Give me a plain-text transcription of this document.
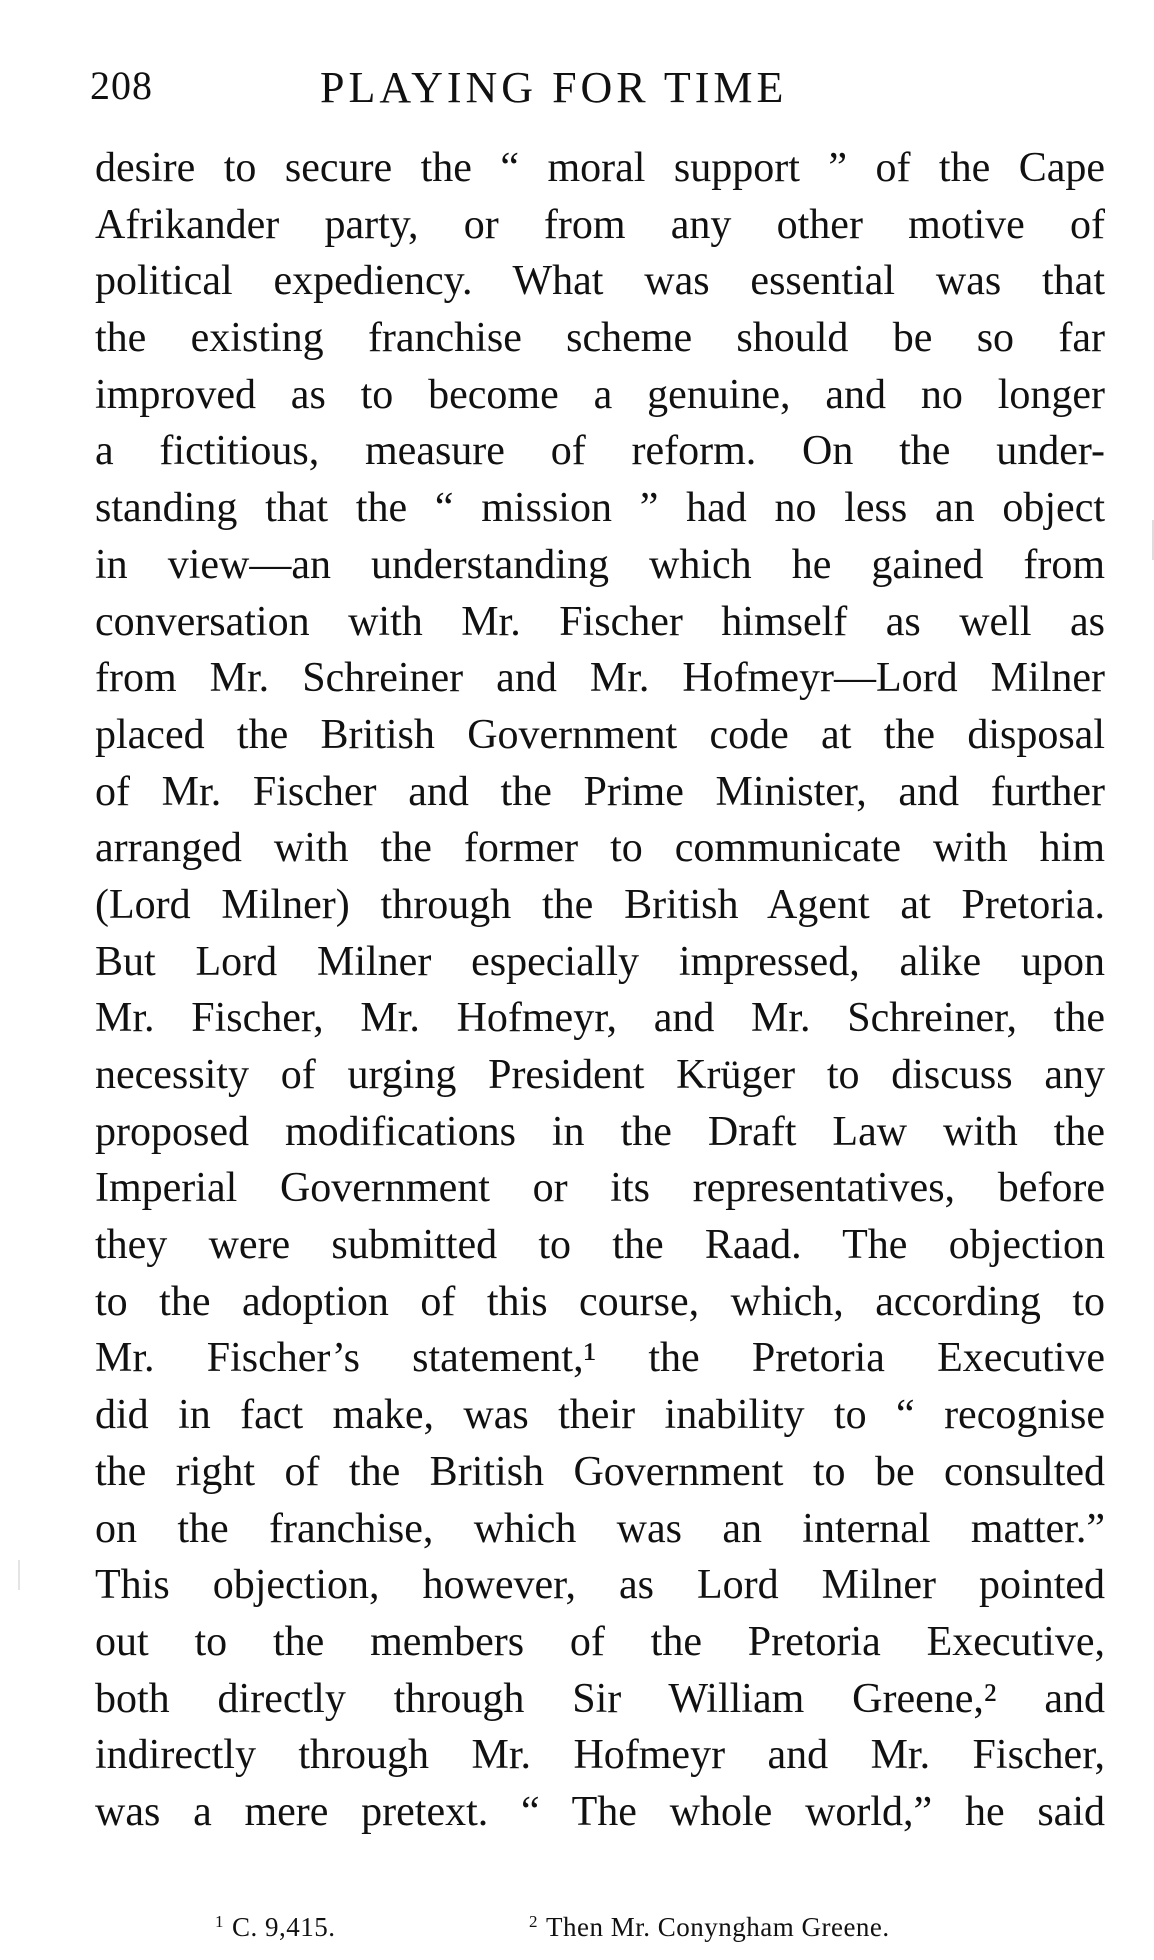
208	PLAYING FOR TIME
desire to secure the “ moral support ” of the Cape
Afrikander party, or from any other motive of
political expediency. What was essential was that
the existing franchise scheme should be so far
improved as to become a genuine, and no longer
a fictitious, measure of reform. On the under-
standing that the “ mission ” had no less an object
in view—an understanding which he gained from
conversation with Mr. Fischer himself as well as
from Mr. Schreiner and Mr. Hofmeyr—Lord Milner
placed the British Government code at the disposal
of Mr. Fischer and the Prime Minister, and further
arranged with the former to communicate with him
(Lord Milner) through the British Agent at Pretoria.
But Lord Milner especially impressed, alike upon
Mr. Fischer, Mr. Hofmeyr, and Mr. Schreiner, the
necessity of urging President Krüger to discuss any
proposed modifications in the Draft Law with the
Imperial Government or its representatives, before
they were submitted to the Raad. The objection
to the adoption of this course, which, according to
Mr. Fischer’s statement,¹ the Pretoria Executive
did in fact make, was their inability to “ recognise
the right of the British Government to be consulted
on the franchise, which was an internal matter.”
This objection, however, as Lord Milner pointed
out to the members of the Pretoria Executive,
both directly through Sir William Greene,² and
indirectly through Mr. Hofmeyr and Mr. Fischer,
was a mere pretext. “ The whole world,” he said
$^1$ C. 9,415.	$^2$ Then Mr. Conyngham Greene.
